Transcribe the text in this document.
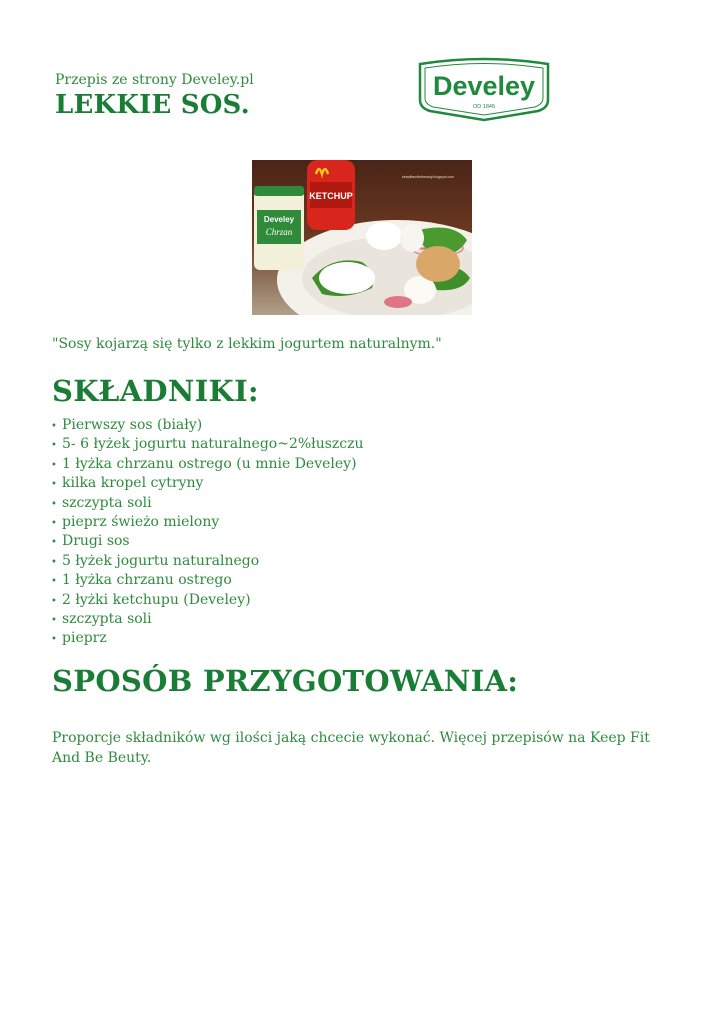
Przepis ze strony Develey.pl
LEKKIE SOS.
Develey
OD 1845
KETCHUP
Develey
Chrzan
keepfitandbebeauty.blogspot.com
"Sosy kojarzą się tylko z lekkim jogurtem naturalnym."
SKŁADNIKI:
• Pierwszy sos (biały)
• 5- 6 łyżek jogurtu naturalnego~2%łuszczu
• 1 łyżka chrzanu ostrego (u mnie Develey)
• kilka kropel cytryny
• szczypta soli
• pieprz świeżo mielony
• Drugi sos
• 5 łyżek jogurtu naturalnego
• 1 łyżka chrzanu ostrego
• 2 łyżki ketchupu (Develey)
• szczypta soli
• pieprz
SPOSÓB PRZYGOTOWANIA:
Proporcje składników wg ilości jaką chcecie wykonać. Więcej przepisów na Keep Fit And Be Beuty.
